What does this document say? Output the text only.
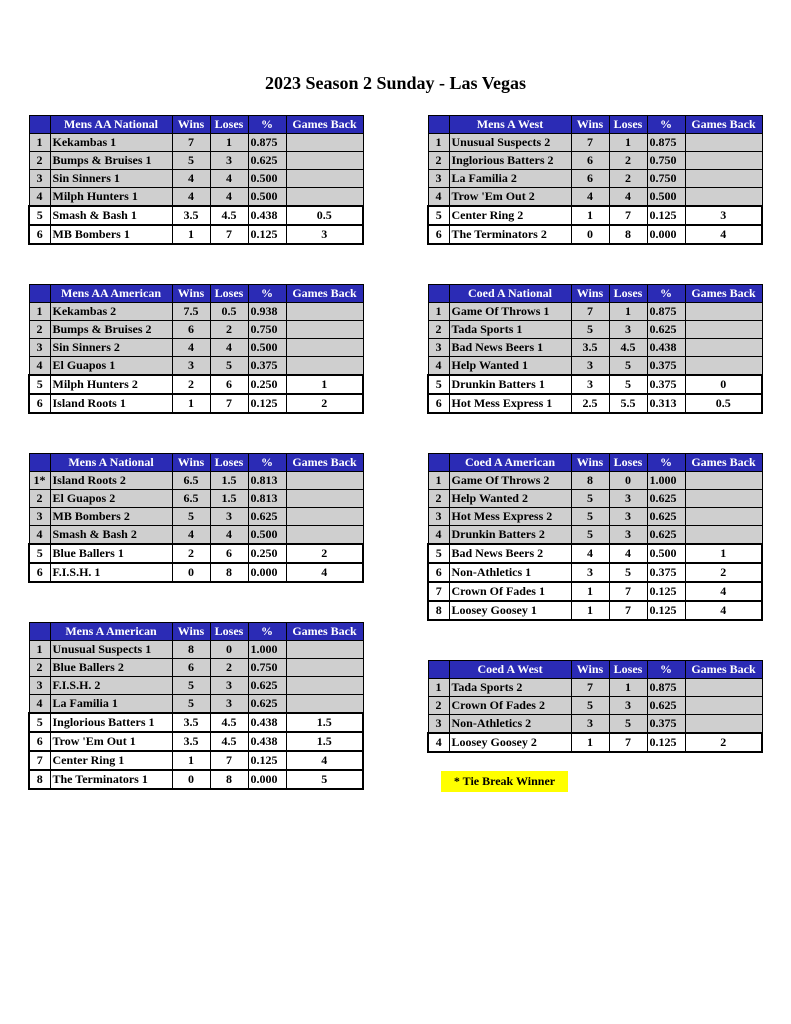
2023 Season 2 Sunday - Las Vegas
	Mens AA National	Wins	Loses	%	Games Back
1	Kekambas 1	7	1	0.875	
2	Bumps & Bruises 1	5	3	0.625	
3	Sin Sinners 1	4	4	0.500	
4	Milph Hunters 1	4	4	0.500	
5	Smash & Bash 1	3.5	4.5	0.438	0.5
6	MB Bombers 1	1	7	0.125	3
	Mens A West	Wins	Loses	%	Games Back
1	Unusual Suspects 2	7	1	0.875	
2	Inglorious Batters 2	6	2	0.750	
3	La Familia 2	6	2	0.750	
4	Trow 'Em Out 2	4	4	0.500	
5	Center Ring 2	1	7	0.125	3
6	The Terminators 2	0	8	0.000	4
	Mens AA American	Wins	Loses	%	Games Back
1	Kekambas 2	7.5	0.5	0.938	
2	Bumps & Bruises 2	6	2	0.750	
3	Sin Sinners 2	4	4	0.500	
4	El Guapos 1	3	5	0.375	
5	Milph Hunters 2	2	6	0.250	1
6	Island Roots 1	1	7	0.125	2
	Coed A National	Wins	Loses	%	Games Back
1	Game Of Throws 1	7	1	0.875	
2	Tada Sports 1	5	3	0.625	
3	Bad News Beers 1	3.5	4.5	0.438	
4	Help Wanted 1	3	5	0.375	
5	Drunkin Batters 1	3	5	0.375	0
6	Hot Mess Express 1	2.5	5.5	0.313	0.5
	Mens A National	Wins	Loses	%	Games Back
1*	Island Roots 2	6.5	1.5	0.813	
2	El Guapos 2	6.5	1.5	0.813	
3	MB Bombers 2	5	3	0.625	
4	Smash & Bash 2	4	4	0.500	
5	Blue Ballers 1	2	6	0.250	2
6	F.I.S.H. 1	0	8	0.000	4
	Coed A American	Wins	Loses	%	Games Back
1	Game Of Throws 2	8	0	1.000	
2	Help Wanted 2	5	3	0.625	
3	Hot Mess Express 2	5	3	0.625	
4	Drunkin Batters 2	5	3	0.625	
5	Bad News Beers 2	4	4	0.500	1
6	Non-Athletics 1	3	5	0.375	2
7	Crown Of Fades 1	1	7	0.125	4
8	Loosey Goosey 1	1	7	0.125	4
	Mens A American	Wins	Loses	%	Games Back
1	Unusual Suspects 1	8	0	1.000	
2	Blue Ballers 2	6	2	0.750	
3	F.I.S.H. 2	5	3	0.625	
4	La Familia 1	5	3	0.625	
5	Inglorious Batters 1	3.5	4.5	0.438	1.5
6	Trow 'Em Out 1	3.5	4.5	0.438	1.5
7	Center Ring 1	1	7	0.125	4
8	The Terminators 1	0	8	0.000	5
	Coed A West	Wins	Loses	%	Games Back
1	Tada Sports 2	7	1	0.875	
2	Crown Of Fades 2	5	3	0.625	
3	Non-Athletics 2	3	5	0.375	
4	Loosey Goosey 2	1	7	0.125	2
* Tie Break Winner
